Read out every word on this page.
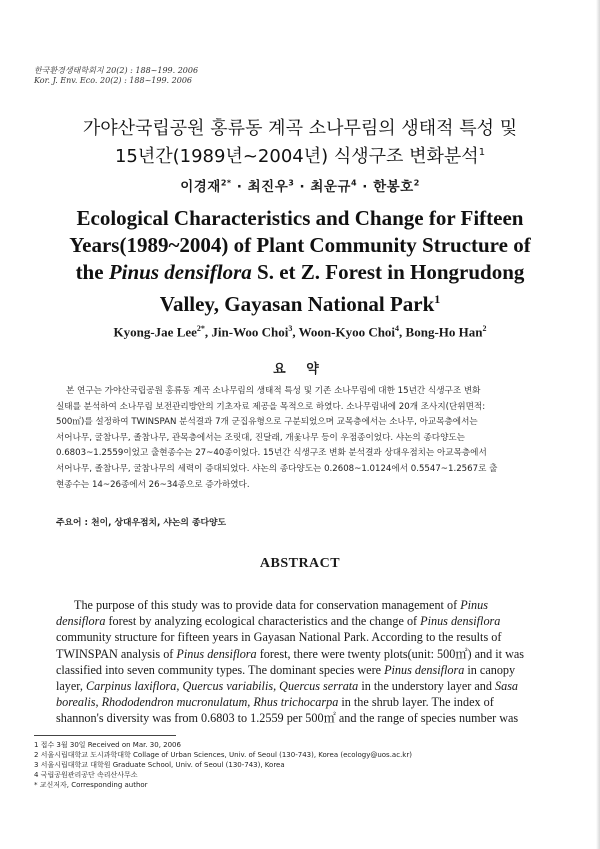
한국환경생태학회지 20(2) : 188~199. 2006
Kor. J. Env. Eco. 20(2) : 188~199. 2006
가야산국립공원 홍류동 계곡 소나무림의 생태적 특성 및
15년간(1989년~2004년) 식생구조 변화분석$^1$
이경재$^{2*}$ · 최진우$^3$ · 최운규$^4$ · 한봉호$^2$
Ecological Characteristics and Change for Fifteen
Years(1989~2004) of Plant Community Structure of
the Pinus densiflora S. et Z. Forest in Hongrudong
Valley, Gayasan National Park$^1$
Kyong-Jae Lee$^{2*}$, Jin-Woo Choi$^3$, Woon-Kyoo Choi$^4$, Bong-Ho Han$^2$
요 약
본 연구는 가야산국립공원 홍류동 계곡 소나무림의 생태적 특성 및 기존 소나무림에 대한 15년간 식생구조 변화
실태를 분석하여 소나무림 보전관리방안의 기초자료 제공을 목적으로 하였다. 소나무림내에 20개 조사지(단위면적:
500㎡)를 설정하여 TWINSPAN 분석결과 7개 군집유형으로 구분되었으며 교목층에서는 소나무, 아교목층에서는
서어나무, 굴참나무, 졸참나무, 관목층에서는 조릿대, 진달래, 개옻나무 등이 우점종이었다. 샤논의 종다양도는
0.6803~1.2559이었고 출현종수는 27~40종이었다. 15년간 식생구조 변화 분석결과 상대우점치는 아교목층에서
서어나무, 졸참나무, 굴참나무의 세력이 증대되었다. 샤논의 종다양도는 0.2608~1.0124에서 0.5547~1.2567로 출
현종수는 14~26종에서 26~34종으로 증가하였다.
주요어 : 천이, 상대우점치, 샤논의 종다양도
ABSTRACT
The purpose of this study was to provide data for conservation management of Pinus
densiflora forest by analyzing ecological characteristics and the change of Pinus densiflora
community structure for fifteen years in Gayasan National Park. According to the results of
TWINSPAN analysis of Pinus densiflora forest, there were twenty plots(unit: 500㎡) and it was
classified into seven community types. The dominant species were Pinus densiflora in canopy
layer, Carpinus laxiflora, Quercus variabilis, Quercus serrata in the understory layer and Sasa
borealis, Rhododendron mucronulatum, Rhus trichocarpa in the shrub layer. The index of
shannon's diversity was from 0.6803 to 1.2559 per 500㎡ and the range of species number was
1 접수 3월 30일 Received on Mar. 30, 2006
2 서울시립대학교 도시과학대학 Collage of Urban Sciences, Univ. of Seoul (130-743), Korea (ecology@uos.ac.kr)
3 서울시립대학교 대학원 Graduate School, Univ. of Seoul (130-743), Korea
4 국립공원관리공단 속리산사무소
* 교신저자, Corresponding author
